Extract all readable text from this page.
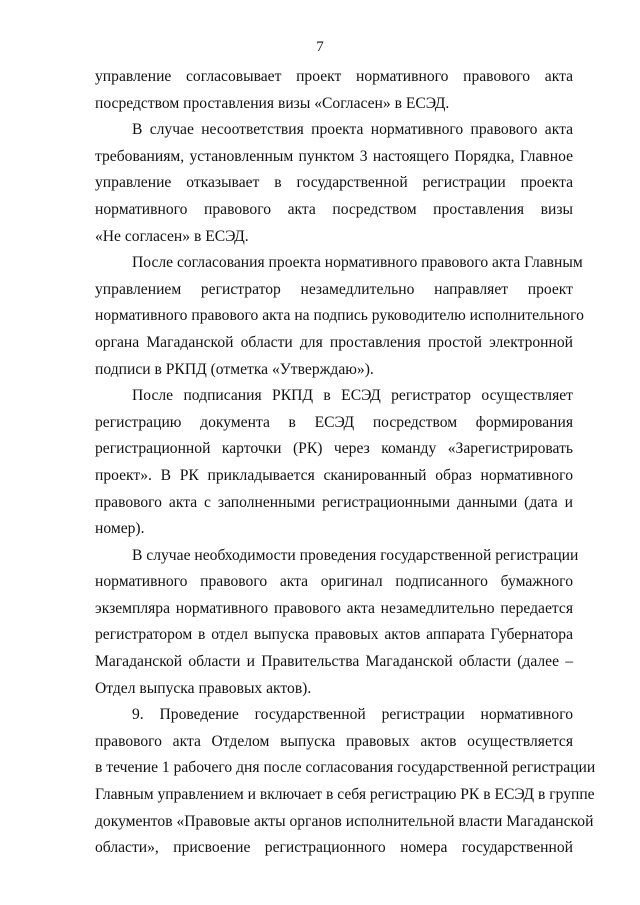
7
управление согласовывает проект нормативного правового акта
посредством проставления визы «Согласен» в ЕСЭД.
В случае несоответствия проекта нормативного правового акта
требованиям, установленным пунктом 3 настоящего Порядка, Главное
управление отказывает в государственной регистрации проекта
нормативного правового акта посредством проставления визы
«Не согласен» в ЕСЭД.
После согласования проекта нормативного правового акта Главным
управлением регистратор незамедлительно направляет проект
нормативного правового акта на подпись руководителю исполнительного
органа Магаданской области для проставления простой электронной
подписи в РКПД (отметка «Утверждаю»).
После подписания РКПД в ЕСЭД регистратор осуществляет
регистрацию документа в ЕСЭД посредством формирования
регистрационной карточки (РК) через команду «Зарегистрировать
проект». В РК прикладывается сканированный образ нормативного
правового акта с заполненными регистрационными данными (дата и
номер).
В случае необходимости проведения государственной регистрации
нормативного правового акта оригинал подписанного бумажного
экземпляра нормативного правового акта незамедлительно передается
регистратором в отдел выпуска правовых актов аппарата Губернатора
Магаданской области и Правительства Магаданской области (далее –
Отдел выпуска правовых актов).
9. Проведение государственной регистрации нормативного
правового акта Отделом выпуска правовых актов осуществляется
в течение 1 рабочего дня после согласования государственной регистрации
Главным управлением и включает в себя регистрацию РК в ЕСЭД в группе
документов «Правовые акты органов исполнительной власти Магаданской
области», присвоение регистрационного номера государственной
